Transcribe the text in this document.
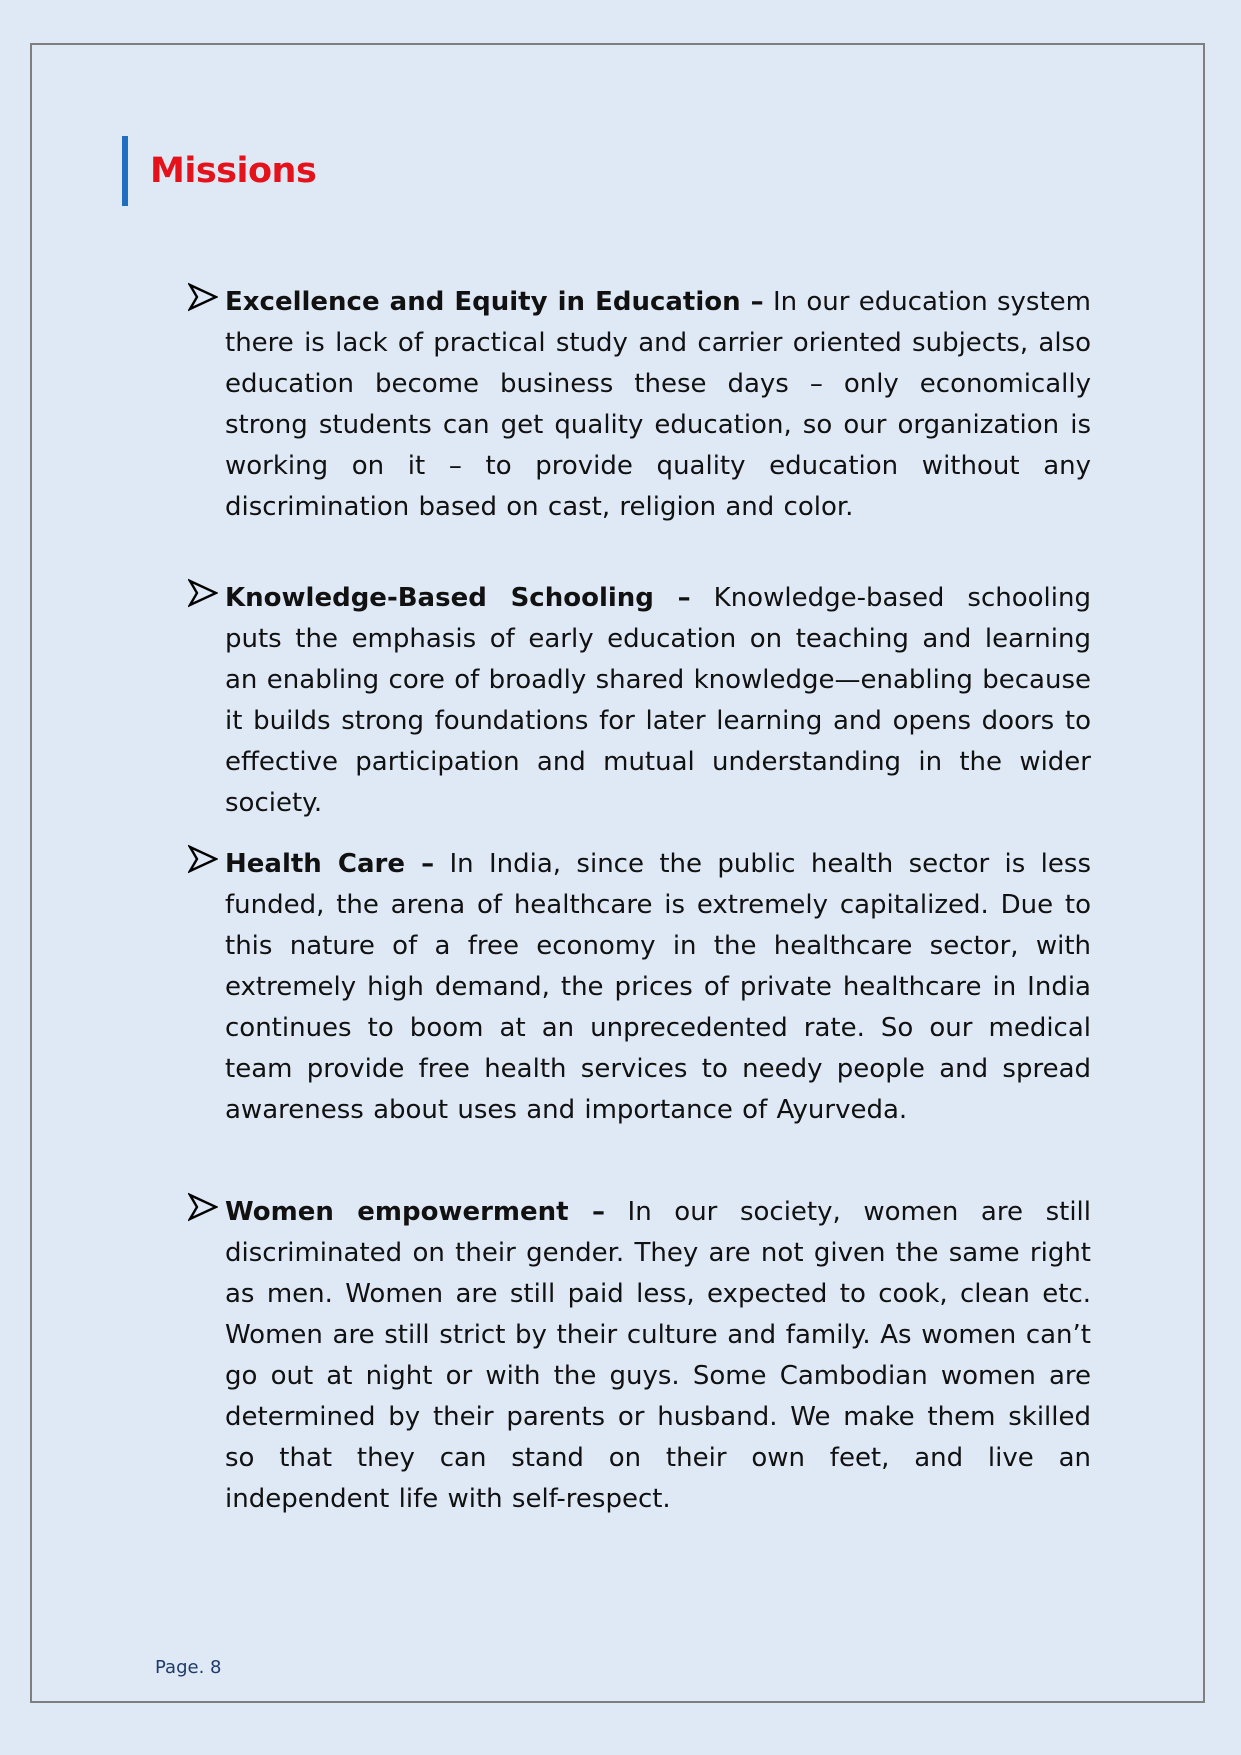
Missions
Excellence and Equity in Education – In our education system there is lack of practical study and carrier oriented subjects, also education become business these days – only economically strong students can get quality education, so our organization is working on it – to provide quality education without any discrimination based on cast, religion and color.
Knowledge-Based Schooling – Knowledge-based schooling puts the emphasis of early education on teaching and learning an enabling core of broadly shared knowledge—enabling because it builds strong foundations for later learning and opens doors to effective participation and mutual understanding in the wider society.
Health Care – In India, since the public health sector is less funded, the arena of healthcare is extremely capitalized. Due to this nature of a free economy in the healthcare sector, with extremely high demand, the prices of private healthcare in India continues to boom at an unprecedented rate. So our medical team provide free health services to needy people and spread awareness about uses and importance of Ayurveda.
Women empowerment – In our society, women are still discriminated on their gender. They are not given the same right as men. Women are still paid less, expected to cook, clean etc. Women are still strict by their culture and family. As women can’t go out at night or with the guys. Some Cambodian women are determined by their parents or husband. We make them skilled so that they can stand on their own feet, and live an independent life with self-respect.
Page. 8
